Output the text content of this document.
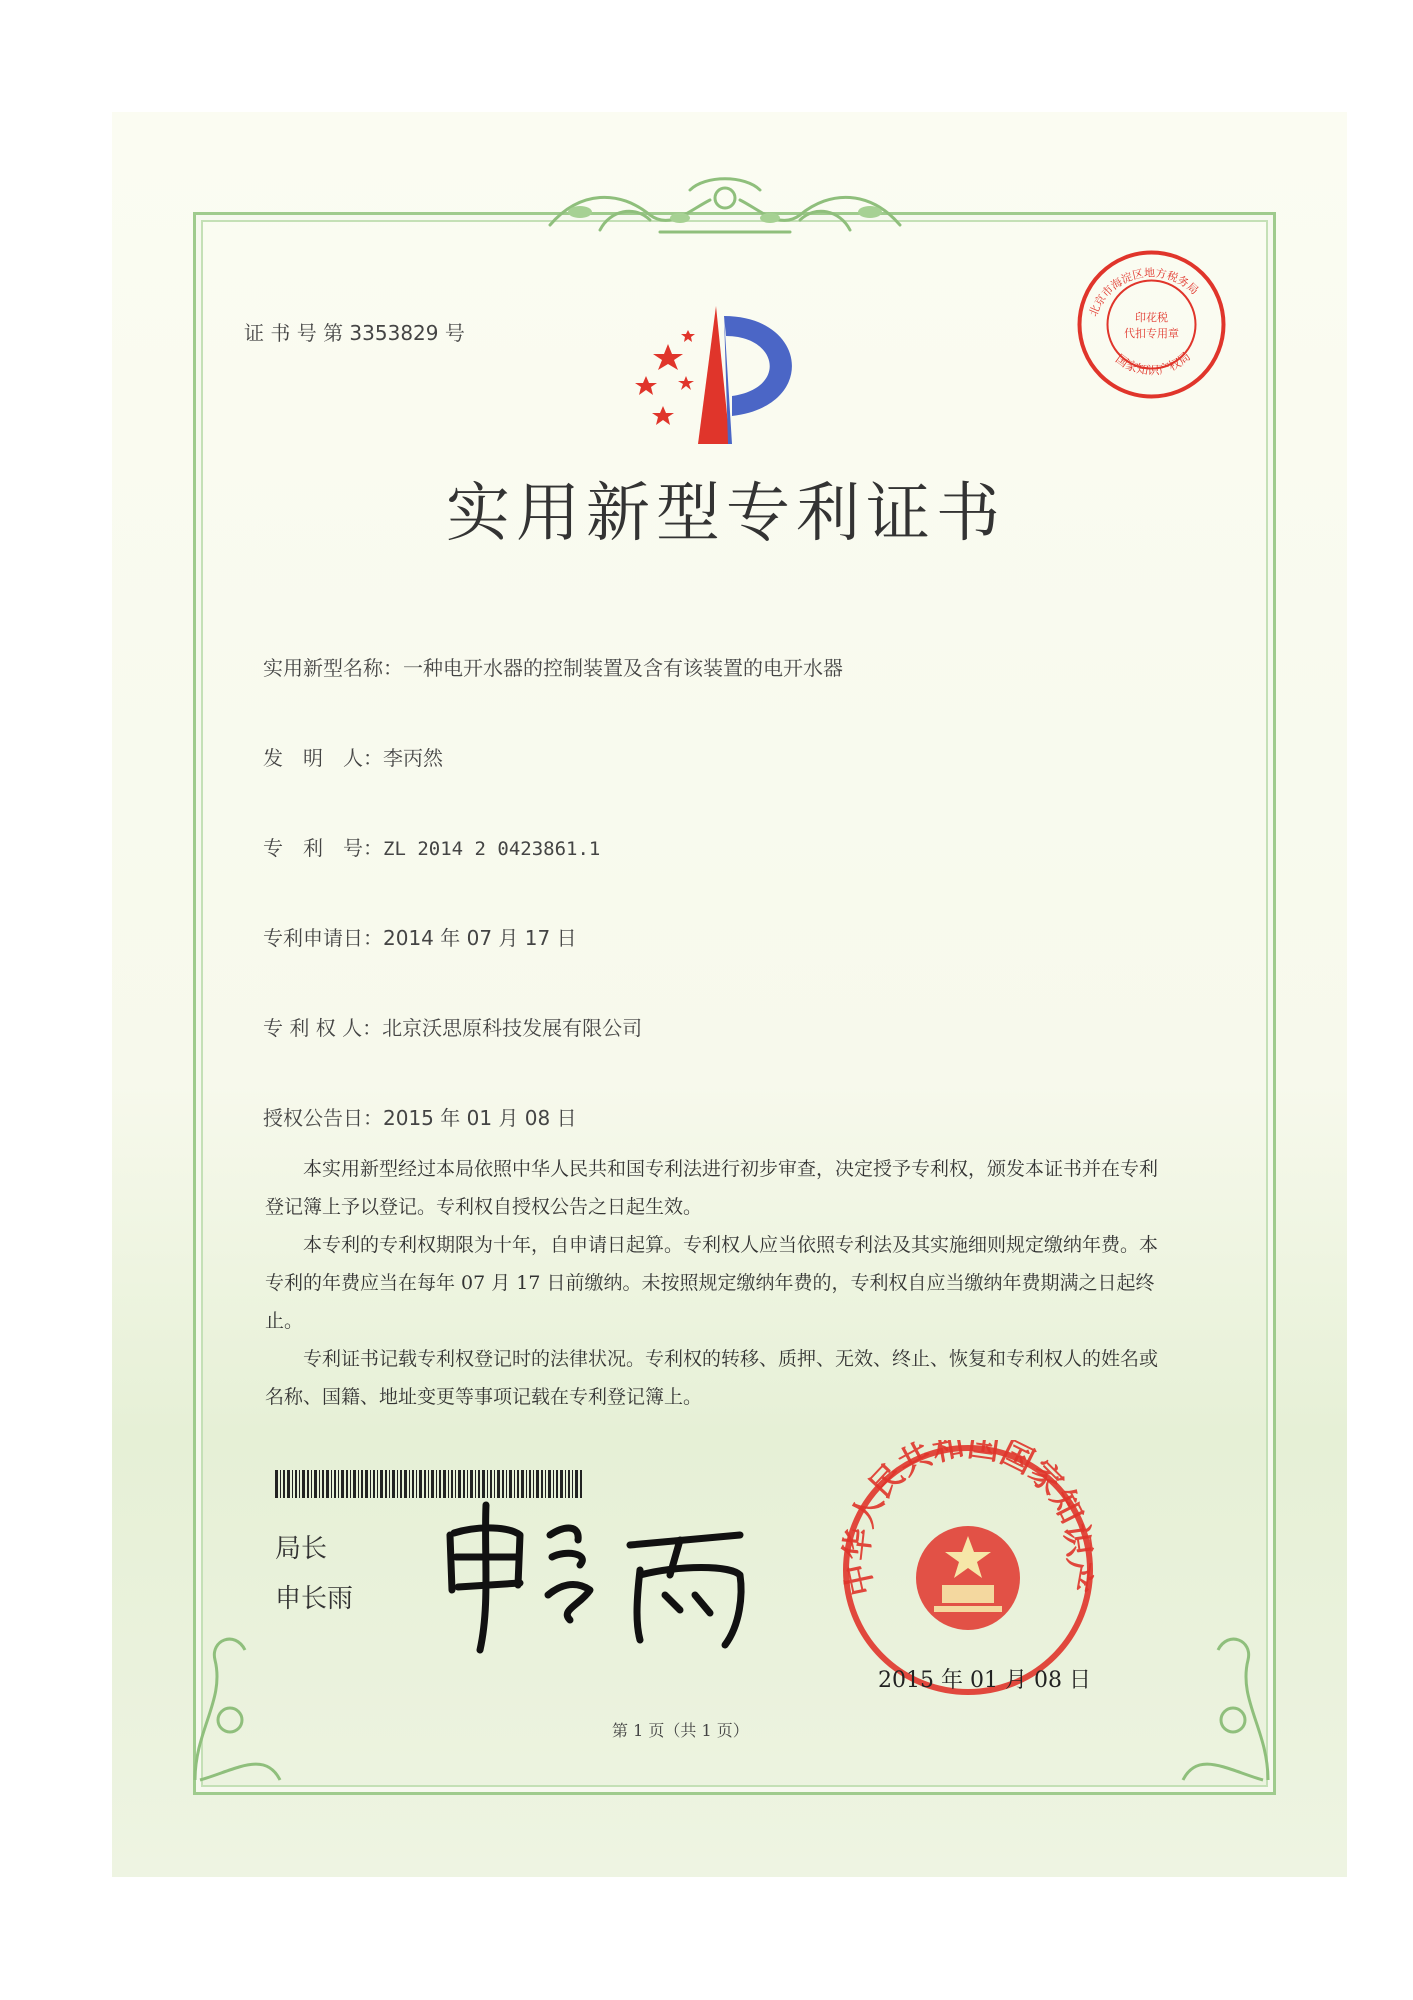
证 书 号 第 3353829 号
北京市海淀区地方税务局
国家知识产权局
印花税
代扣专用章
实用新型专利证书
实用新型名称：一种电开水器的控制装置及含有该装置的电开水器
发　明　人：李丙然
专　利　号：ZL 2014 2 0423861.1
专利申请日：2014 年 07 月 17 日
专 利 权 人：北京沃思原科技发展有限公司
授权公告日：2015 年 01 月 08 日

本实用新型经过本局依照中华人民共和国专利法进行初步审查，决定授予专利权，颁发本证书并在专利登记簿上予以登记。专利权自授权公告之日起生效。

本专利的专利权期限为十年，自申请日起算。专利权人应当依照专利法及其实施细则规定缴纳年费。本专利的年费应当在每年 07 月 17 日前缴纳。未按照规定缴纳年费的，专利权自应当缴纳年费期满之日起终止。

专利证书记载专利权登记时的法律状况。专利权的转移、质押、无效、终止、恢复和专利权人的姓名或名称、国籍、地址变更等事项记载在专利登记簿上。

局长
申长雨	中华人民共和国国家知识产
2015 年 01 月 08 日
第 1 页（共 1 页）
